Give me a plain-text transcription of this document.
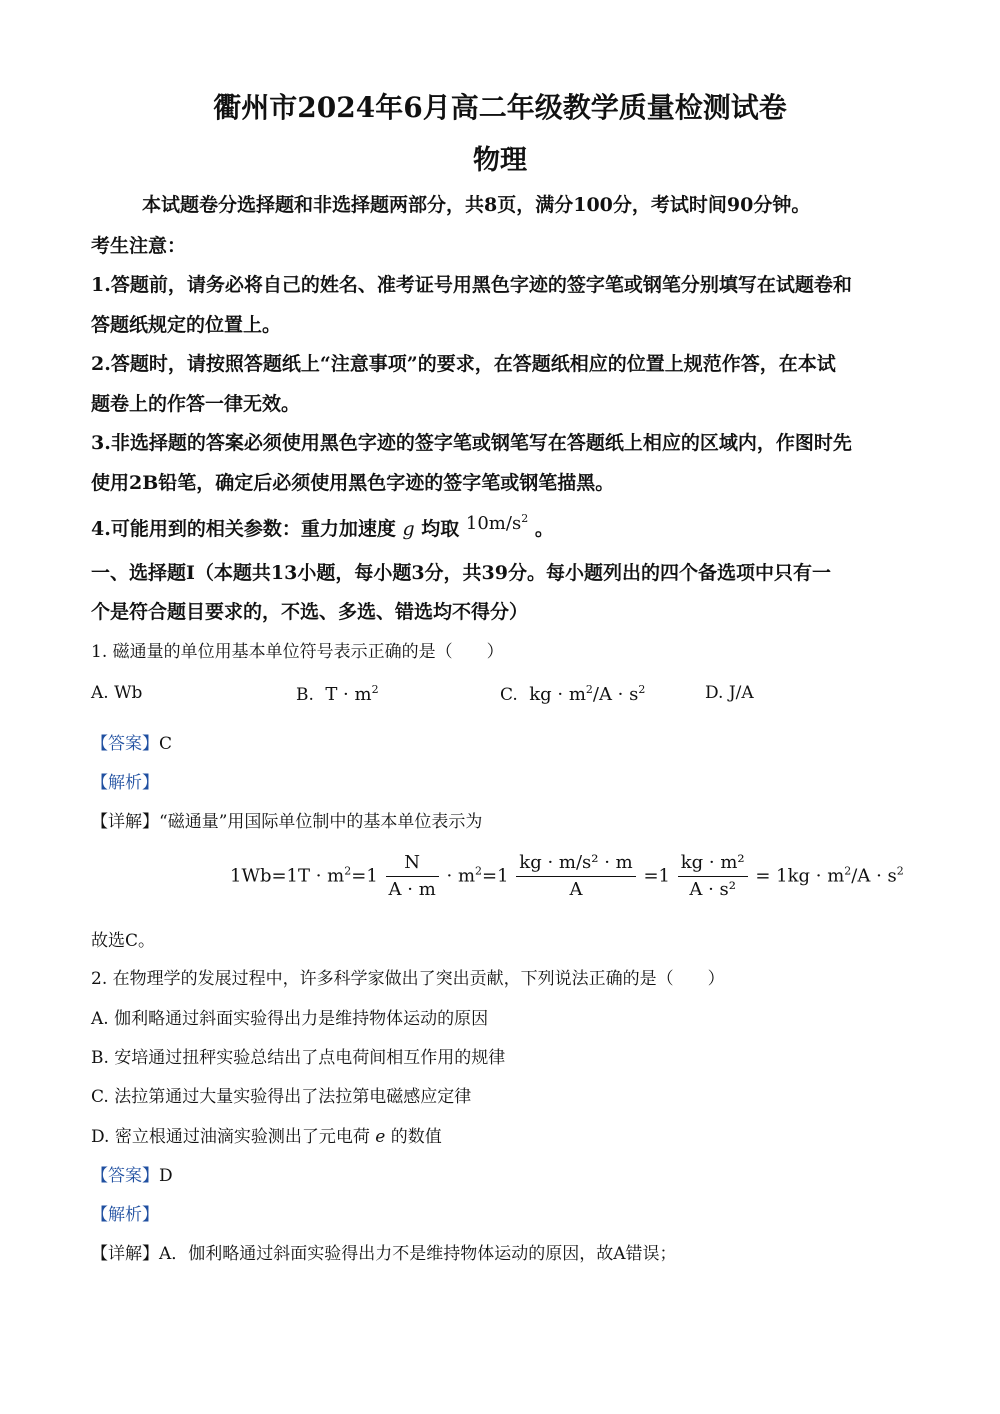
衢州市2024年6月高二年级教学质量检测试卷
物理
本试题卷分选择题和非选择题两部分，共8页，满分100分，考试时间90分钟。
考生注意：
1.答题前，请务必将自己的姓名、准考证号用黑色字迹的签字笔或钢笔分别填写在试题卷和
答题纸规定的位置上。
2.答题时，请按照答题纸上“注意事项”的要求，在答题纸相应的位置上规范作答，在本试
题卷上的作答一律无效。
3.非选择题的答案必须使用黑色字迹的签字笔或钢笔写在答题纸上相应的区域内，作图时先
使用2B铅笔，确定后必须使用黑色字迹的签字笔或钢笔描黑。
4.可能用到的相关参数：重力加速度 g 均取 $10m/s^2$ 。
一、选择题Ⅰ（本题共13小题，每小题3分，共39分。每小题列出的四个备选项中只有一
个是符合题目要求的，不选、多选、错选均不得分）
1. 磁通量的单位用基本单位符号表示正确的是（　　）
A. Wb	B. $T \cdot m^2$	C. kg · $m^2/A \cdot s^2$	D. J/A
【答案】C
【解析】
【详解】“磁通量”用国际单位制中的基本单位表示为
$1Wb=1T \cdot m^2=1 \frac{N}{A \cdot m} \cdot m^2=1 \frac{\text{kg · m/s² · m}}{A} =1 \frac{\text{kg · m²}}{\text{A · s²}} = 1kg \cdot m^2/A \cdot s^2$
故选C。
2. 在物理学的发展过程中，许多科学家做出了突出贡献，下列说法正确的是（　　）
A. 伽利略通过斜面实验得出力是维持物体运动的原因
B. 安培通过扭秤实验总结出了点电荷间相互作用的规律
C. 法拉第通过大量实验得出了法拉第电磁感应定律
D. 密立根通过油滴实验测出了元电荷 e 的数值
【答案】D
【解析】
【详解】A．伽利略通过斜面实验得出力不是维持物体运动的原因，故A错误；
